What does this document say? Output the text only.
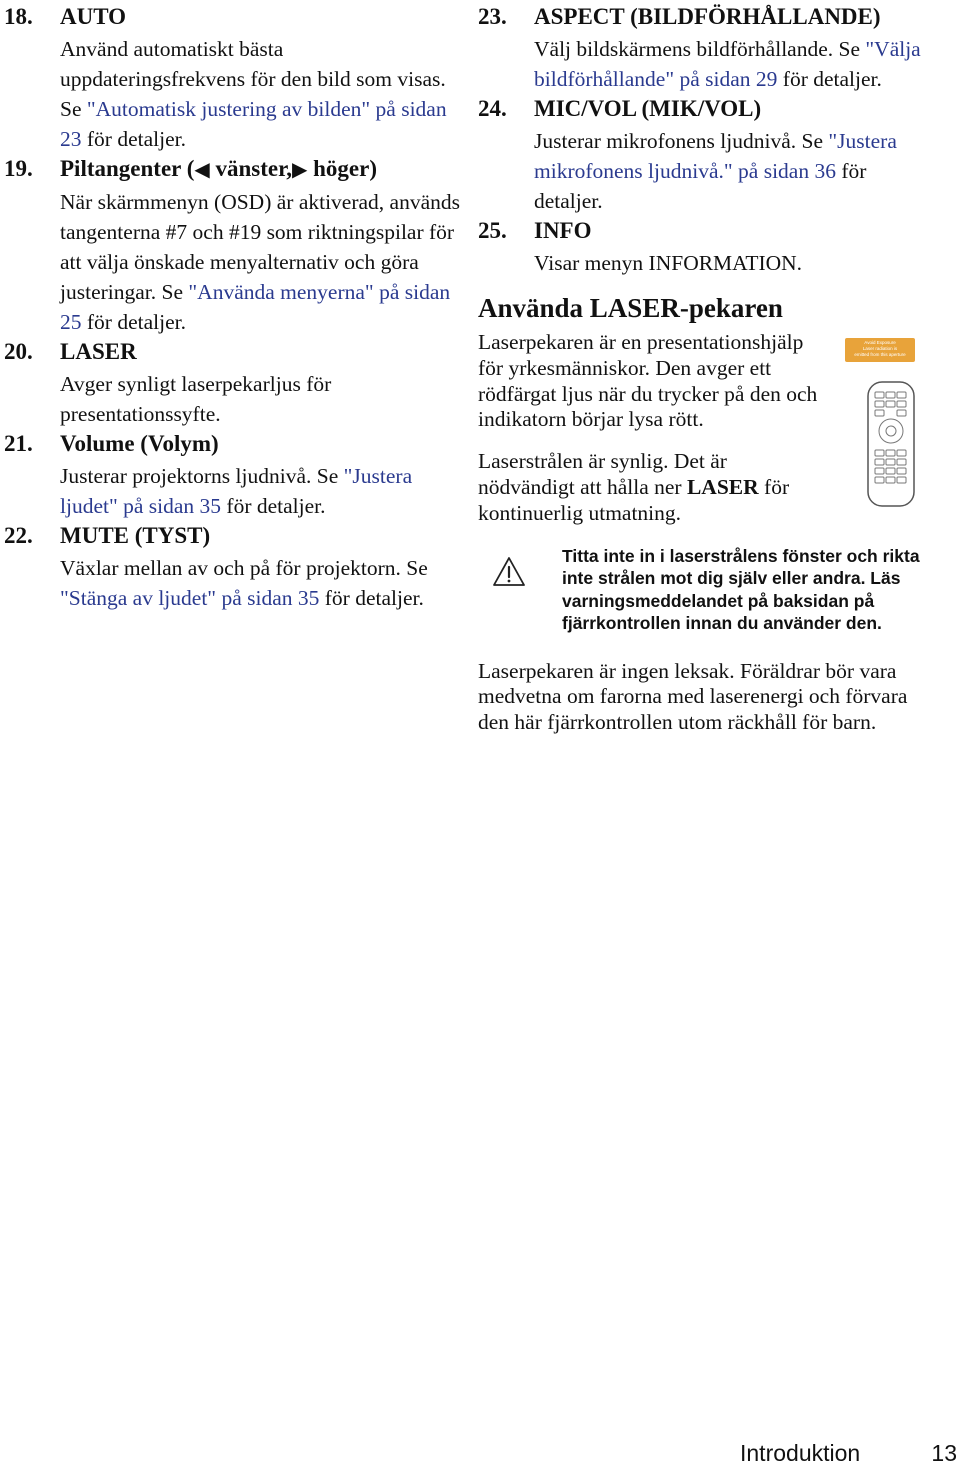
18. AUTO
Använd automatiskt bästa uppdateringsfrekvens för den bild som visas. Se "Automatisk justering av bilden" på sidan 23 för detaljer.
19. Piltangenter (◀ vänster,▶ höger)
När skärmmenyn (OSD) är aktiverad, används tangenterna #7 och #19 som riktningspilar för att välja önskade menyalternativ och göra justeringar. Se "Använda menyerna" på sidan 25 för detaljer.
20. LASER
Avger synligt laserpekarljus för presentationssyfte.
21. Volume (Volym)
Justerar projektorns ljudnivå. Se "Justera ljudet" på sidan 35 för detaljer.
22. MUTE (TYST)
Växlar mellan av och på för projektorn. Se "Stänga av ljudet" på sidan 35 för detaljer.
23. ASPECT (BILDFÖRHÅLLANDE)
Välj bildskärmens bildförhållande. Se "Välja bildförhållande" på sidan 29 för detaljer.
24. MIC/VOL (MIK/VOL)
Justerar mikrofonens ljudnivå. Se "Justera mikrofonens ljudnivå." på sidan 36 för detaljer.
25. INFO
Visar menyn INFORMATION.
Använda LASER-pekaren
Laserpekaren är en presentationshjälp för yrkesmänniskor. Den avger ett rödfärgat ljus när du trycker på den och indikatorn börjar lysa rött.
Laserstrålen är synlig. Det är nödvändigt att hålla ner LASER för kontinuerlig utmatning.
Avoid Exposure
Laser radiation is
emitted from this aperture
Titta inte in i laserstrålens fönster och rikta inte strålen mot dig själv eller andra. Läs varningsmeddelandet på baksidan på fjärrkontrollen innan du använder den.
Laserpekaren är ingen leksak. Föräldrar bör vara medvetna om farorna med laserenergi och förvara den här fjärrkontrollen utom räckhåll för barn.
Introduktion	13
